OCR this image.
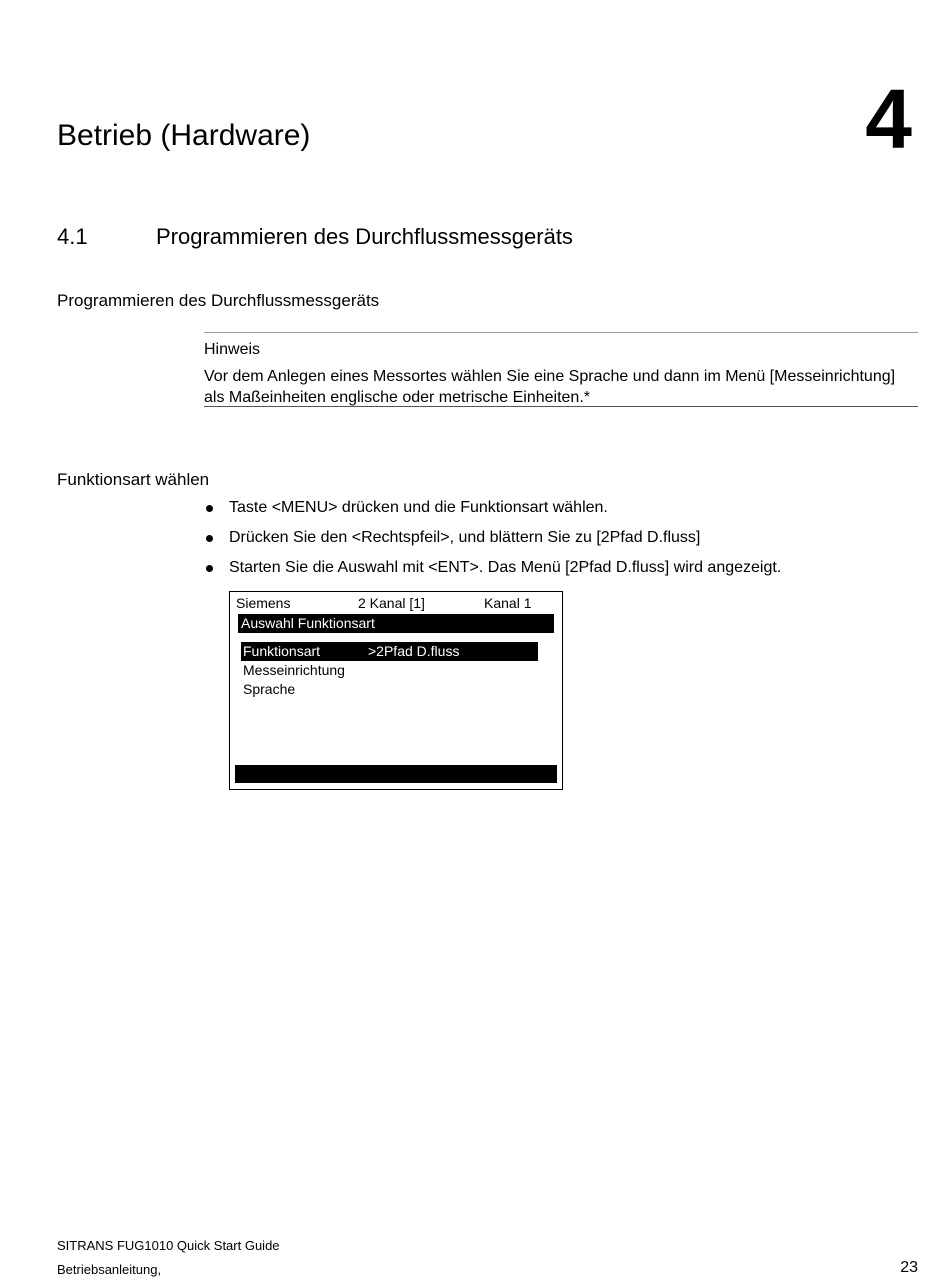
Betrieb (Hardware)	4
4.1	Programmieren des Durchflussmessgeräts
Programmieren des Durchflussmessgeräts
Hinweis
Vor dem Anlegen eines Messortes wählen Sie eine Sprache und dann im Menü [Messeinrichtung] als Maßeinheiten englische oder metrische Einheiten.*
Funktionsart wählen
Taste <MENU> drücken und die Funktionsart wählen.
Drücken Sie den <Rechtspfeil>, und blättern Sie zu [2Pfad D.fluss]
Starten Sie die Auswahl mit <ENT>. Das Menü [2Pfad D.fluss] wird angezeigt.
Siemens	2 Kanal [1]	Kanal 1
Auswahl Funktionsart
Funktionsart	>2Pfad D.fluss
Messeinrichtung
Sprache
SITRANS FUG1010 Quick Start Guide
Betriebsanleitung,	23
